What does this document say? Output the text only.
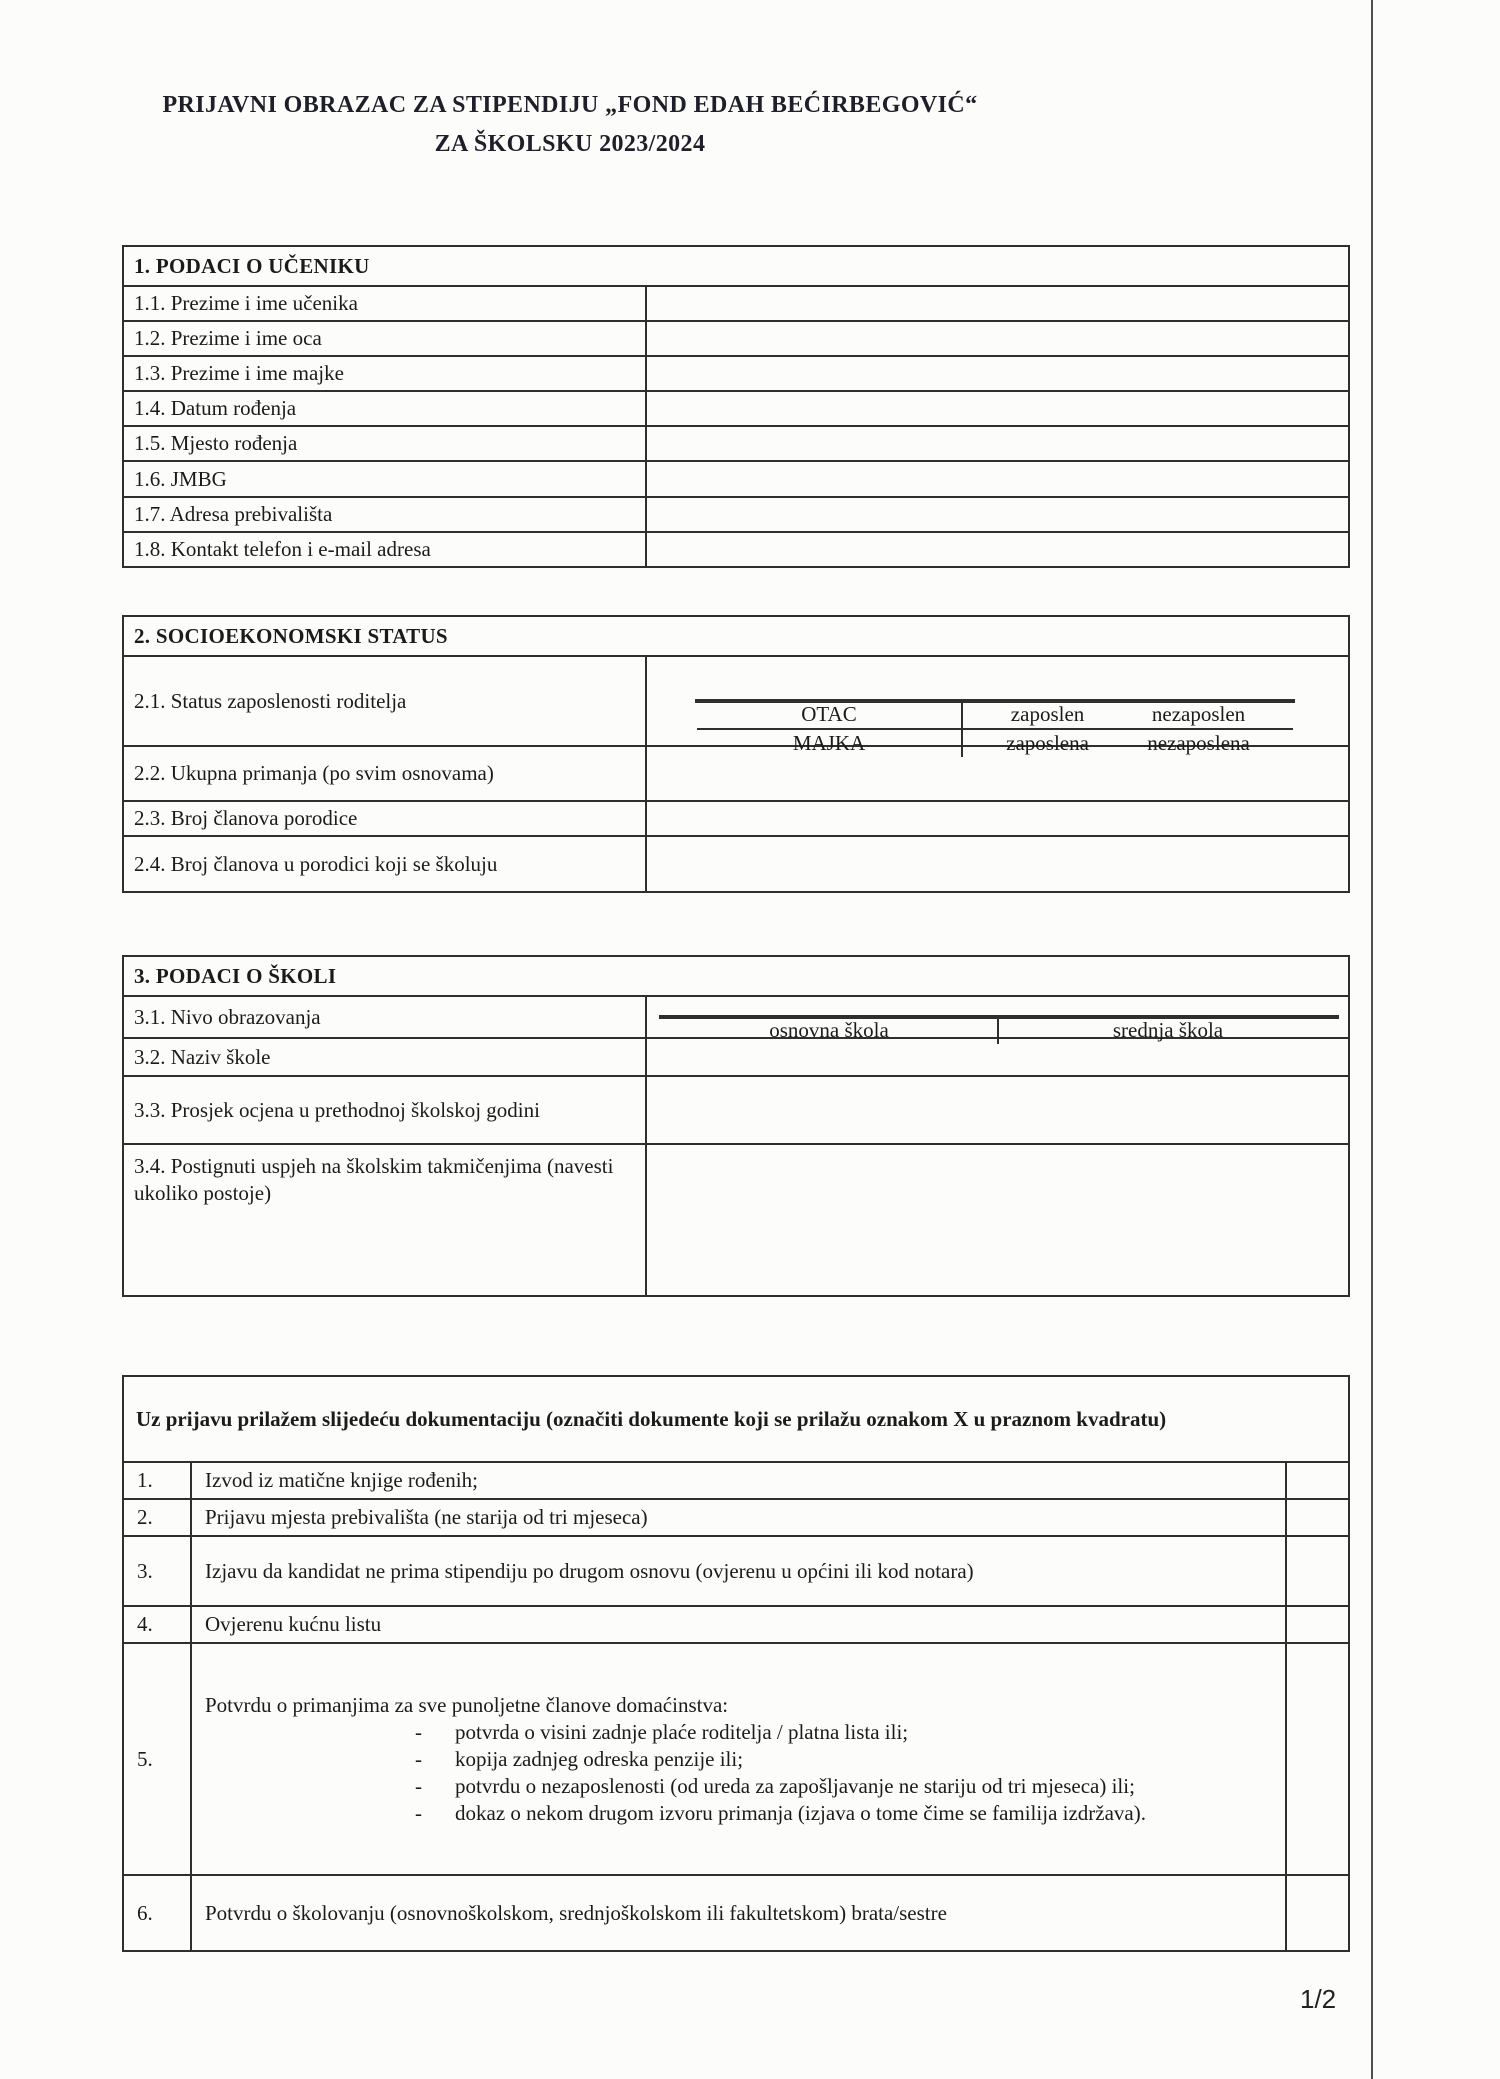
PRIJAVNI OBRAZAC ZA STIPENDIJU „FOND EDAH BEĆIRBEGOVIĆ“
ZA ŠKOLSKU 2023/2024
1. PODACI O UČENIKU	
1.1. Prezime i ime učenika	
1.2. Prezime i ime oca	
1.3. Prezime i ime majke	
1.4. Datum rođenja	
1.5. Mjesto rođenja	
1.6. JMBG	

1.7. Adresa prebivališta	
1.8. Kontakt telefon i e-mail adresa	
2. SOCIOEKONOMSKI STATUS	
2.1. Status zaposlenosti roditelja	
OTAC	zaposlen	nezaposlen
MAJKA	zaposlena	nezaposlena

2.2. Ukupna primanja (po svim osnovama)	
2.3. Broj članova porodice	
2.4. Broj članova u porodici koji se školuju	
3. PODACI O ŠKOLI	
3.1. Nivo obrazovanja	osnovna škola srednja škola

3.2. Naziv škole	
3.3. Prosjek ocjena u prethodnoj školskoj godini	
3.4. Postignuti uspjeh na školskim takmičenjima (navesti ukoliko postoje)	
Uz prijavu prilažem slijedeću dokumentaciju (označiti dokumente koji se prilažu oznakom X u praznom kvadratu)		
1.	Izvod iz matične knjige rođenih;	
2.	Prijavu mjesta prebivališta (ne starija od tri mjeseca)	
3.	Izjavu da kandidat ne prima stipendiju po drugom osnovu (ovjerenu u općini ili kod notara)	
4.	Ovjerenu kućnu listu	
5.	
Potvrdu o primanjima za sve punoljetne članove domaćinstva:
-	potvrda o visini zadnje plaće roditelja / platna lista ili;
-	kopija zadnjeg odreska penzije ili;
-	potvrdu o nezaposlenosti (od ureda za zapošljavanje ne stariju od tri mjeseca) ili;
-	dokaz o nekom drugom izvoru primanja (izjava o tome čime se familija izdržava).

6.	Potvrdu o školovanju (osnovnoškolskom, srednjoškolskom ili fakultetskom) brata/sestre	
1/2
